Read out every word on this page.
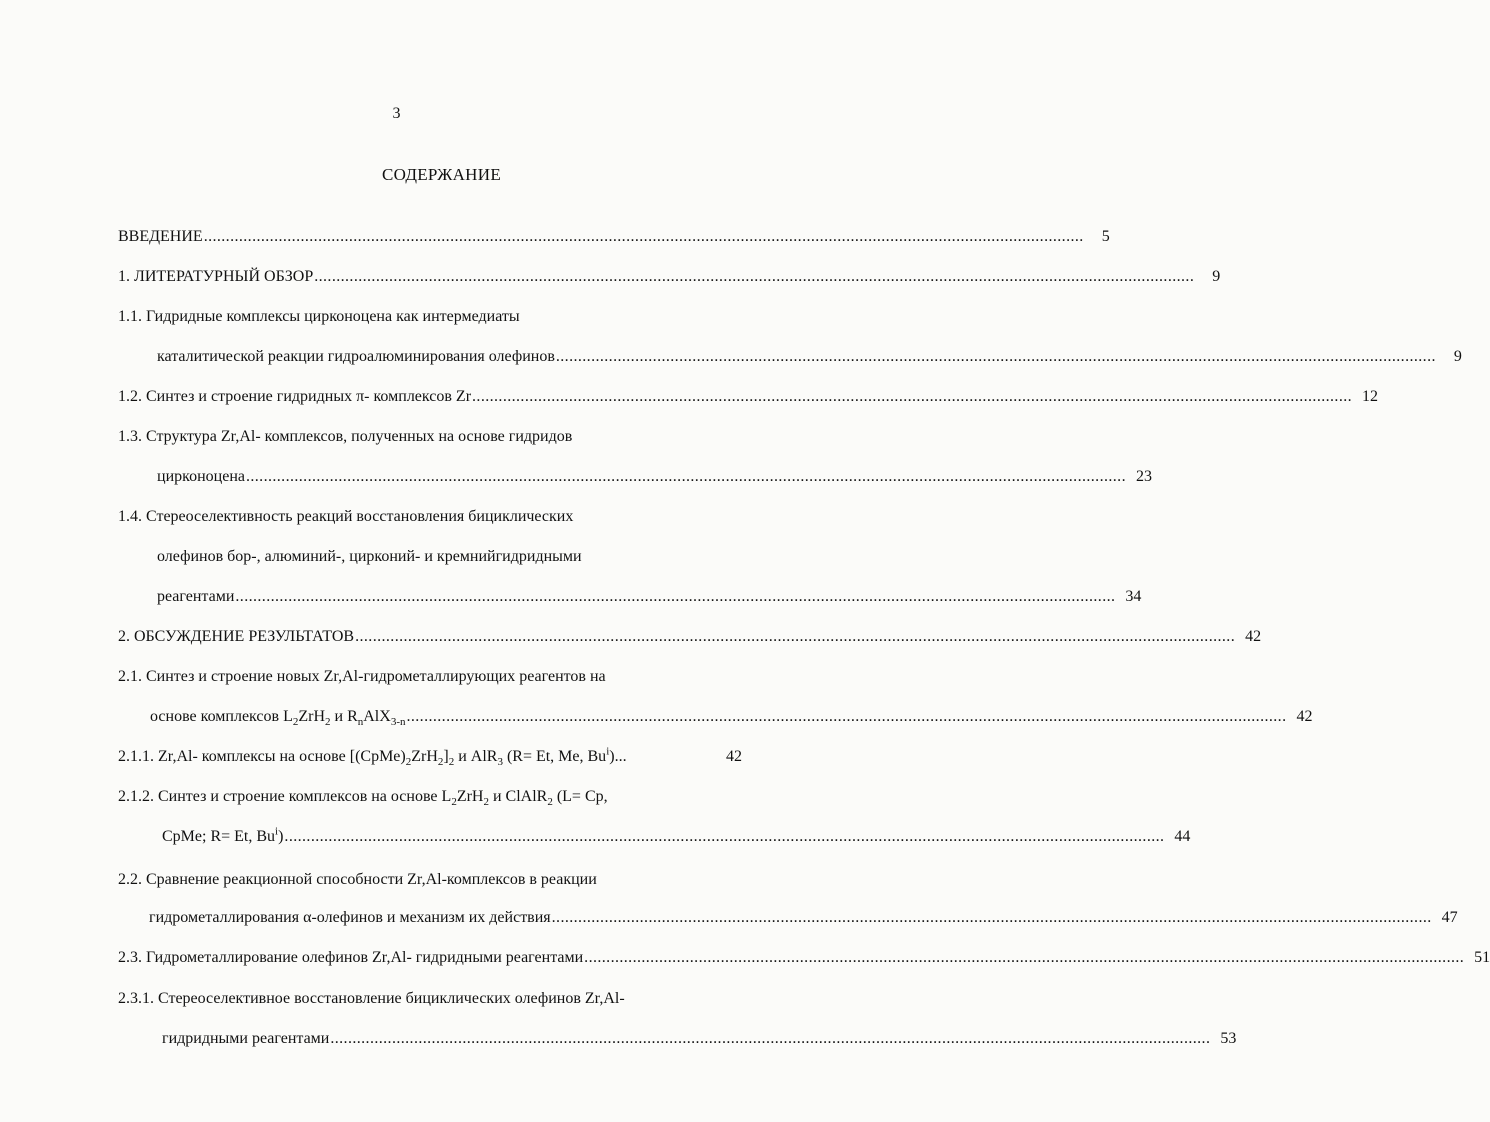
3
СОДЕРЖАНИЕ
ВВЕДЕНИЕ ........................................................................................................................................................................................................	5
1. ЛИТЕРАТУРНЫЙ ОБЗОР ........................................................................................................................................................................................................	9
1.1. Гидридные комплексы цирконоцена как интермедиаты
каталитической реакции гидроалюминирования олефинов ........................................................................................................................................................................................................	9
1.2. Синтез и строение гидридных π- комплексов Zr ........................................................................................................................................................................................................ 12
1.3. Структура Zr,Al- комплексов, полученных на основе гидридов
цирконоцена ........................................................................................................................................................................................................ 23
1.4. Стереоселективность реакций восстановления бициклических
олефинов бор-, алюминий-, цирконий- и кремнийгидридными
реагентами ........................................................................................................................................................................................................ 34
2. ОБСУЖДЕНИЕ РЕЗУЛЬТАТОВ ........................................................................................................................................................................................................ 42
2.1. Синтез и строение новых Zr,Al-гидрометаллирующих реагентов на
основе комплексов $L_2ZrH_2$ и $R_nAlX_{3-n}$ ........................................................................................................................................................................................................ 42
2.1.1. Zr,Al- комплексы на основе $[(CpMe)_2ZrH_2]_2$ и AlR$_3$ (R= Et, Me, Bu$^i$)...	42
2.1.2. Синтез и строение комплексов на основе $L_2ZrH_2$ и ClAlR$_2$ (L= Cp,
CpMe; R= Et, Bu$^i$) ........................................................................................................................................................................................................ 44
2.2. Сравнение реакционной способности Zr,Al-комплексов в реакции
гидрометаллирования α-олефинов и механизм их действия ........................................................................................................................................................................................................ 47
2.3. Гидрометаллирование олефинов Zr,Al- гидридными реагентами ........................................................................................................................................................................................................ 51
2.3.1. Стереоселективное восстановление бициклических олефинов Zr,Al-
гидридными реагентами ........................................................................................................................................................................................................ 53
